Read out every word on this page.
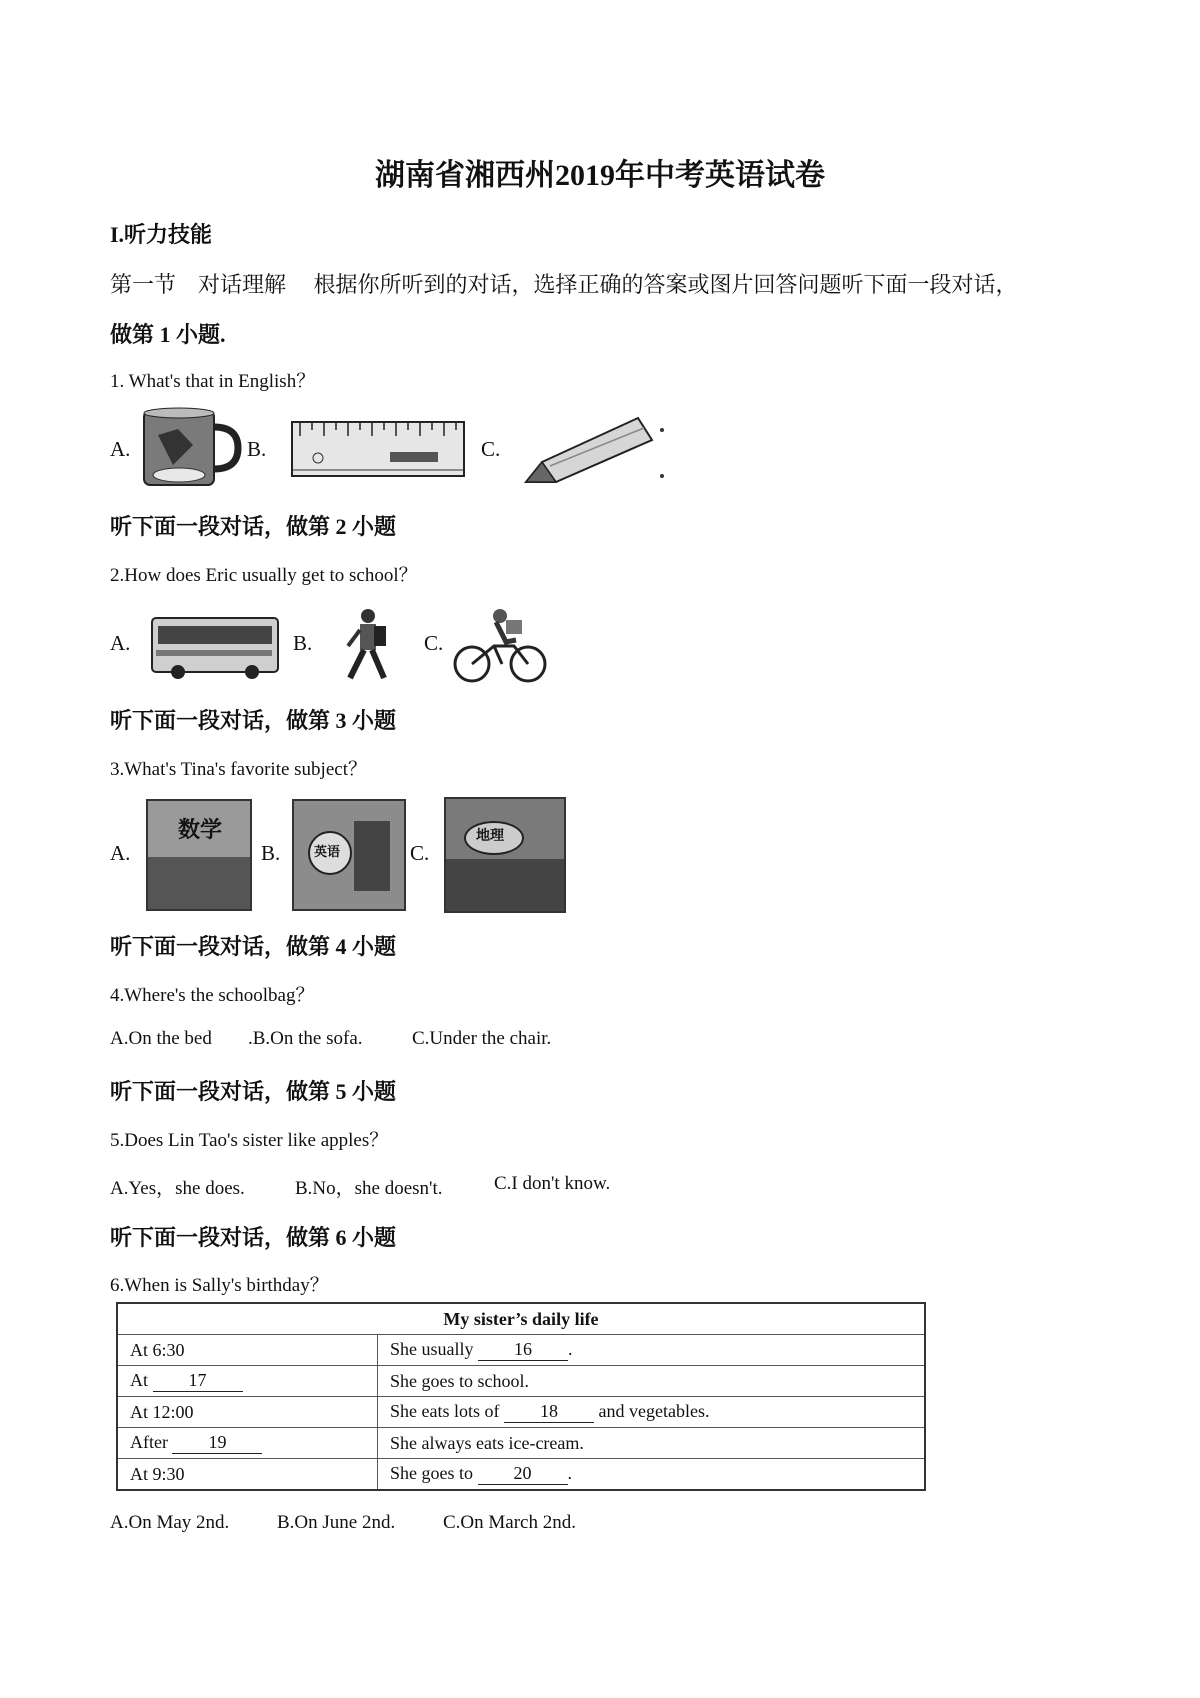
湖南省湘西州2019年中考英语试卷
I.听力技能
第一节　对话理解　 根据你所听到的对话，选择正确的答案或图片回答问题听下面一段对话，
做第 1 小题.
1. What's that in English？
A.	B.	C.
听下面一段对话，做第 2 小题
2.How does Eric usually get to school？
A.	B.	C.
听下面一段对话，做第 3 小题
3.What's Tina's favorite subject？
A.
数学
B.	英语	C.
地理
听下面一段对话，做第 4 小题
4.Where's the schoolbag？
A.On the bed .B.On the sofa.	C.Under the chair.
听下面一段对话，做第 5 小题
5.Does Lin Tao's sister like apples？
A.Yes，she does.	B.No，she doesn't.	C.I don't know.
听下面一段对话，做第 6 小题
6.When is Sally's birthday？
My sister’s daily life	
At 6:30	She usually 16 .
At 17	She goes to school.
At 12:00	She eats lots of 18 and vegetables.
After 19	She always eats ice-cream.
At 9:30	She goes to 20 .
A.On May 2nd.	B.On June 2nd.	C.On March 2nd.
